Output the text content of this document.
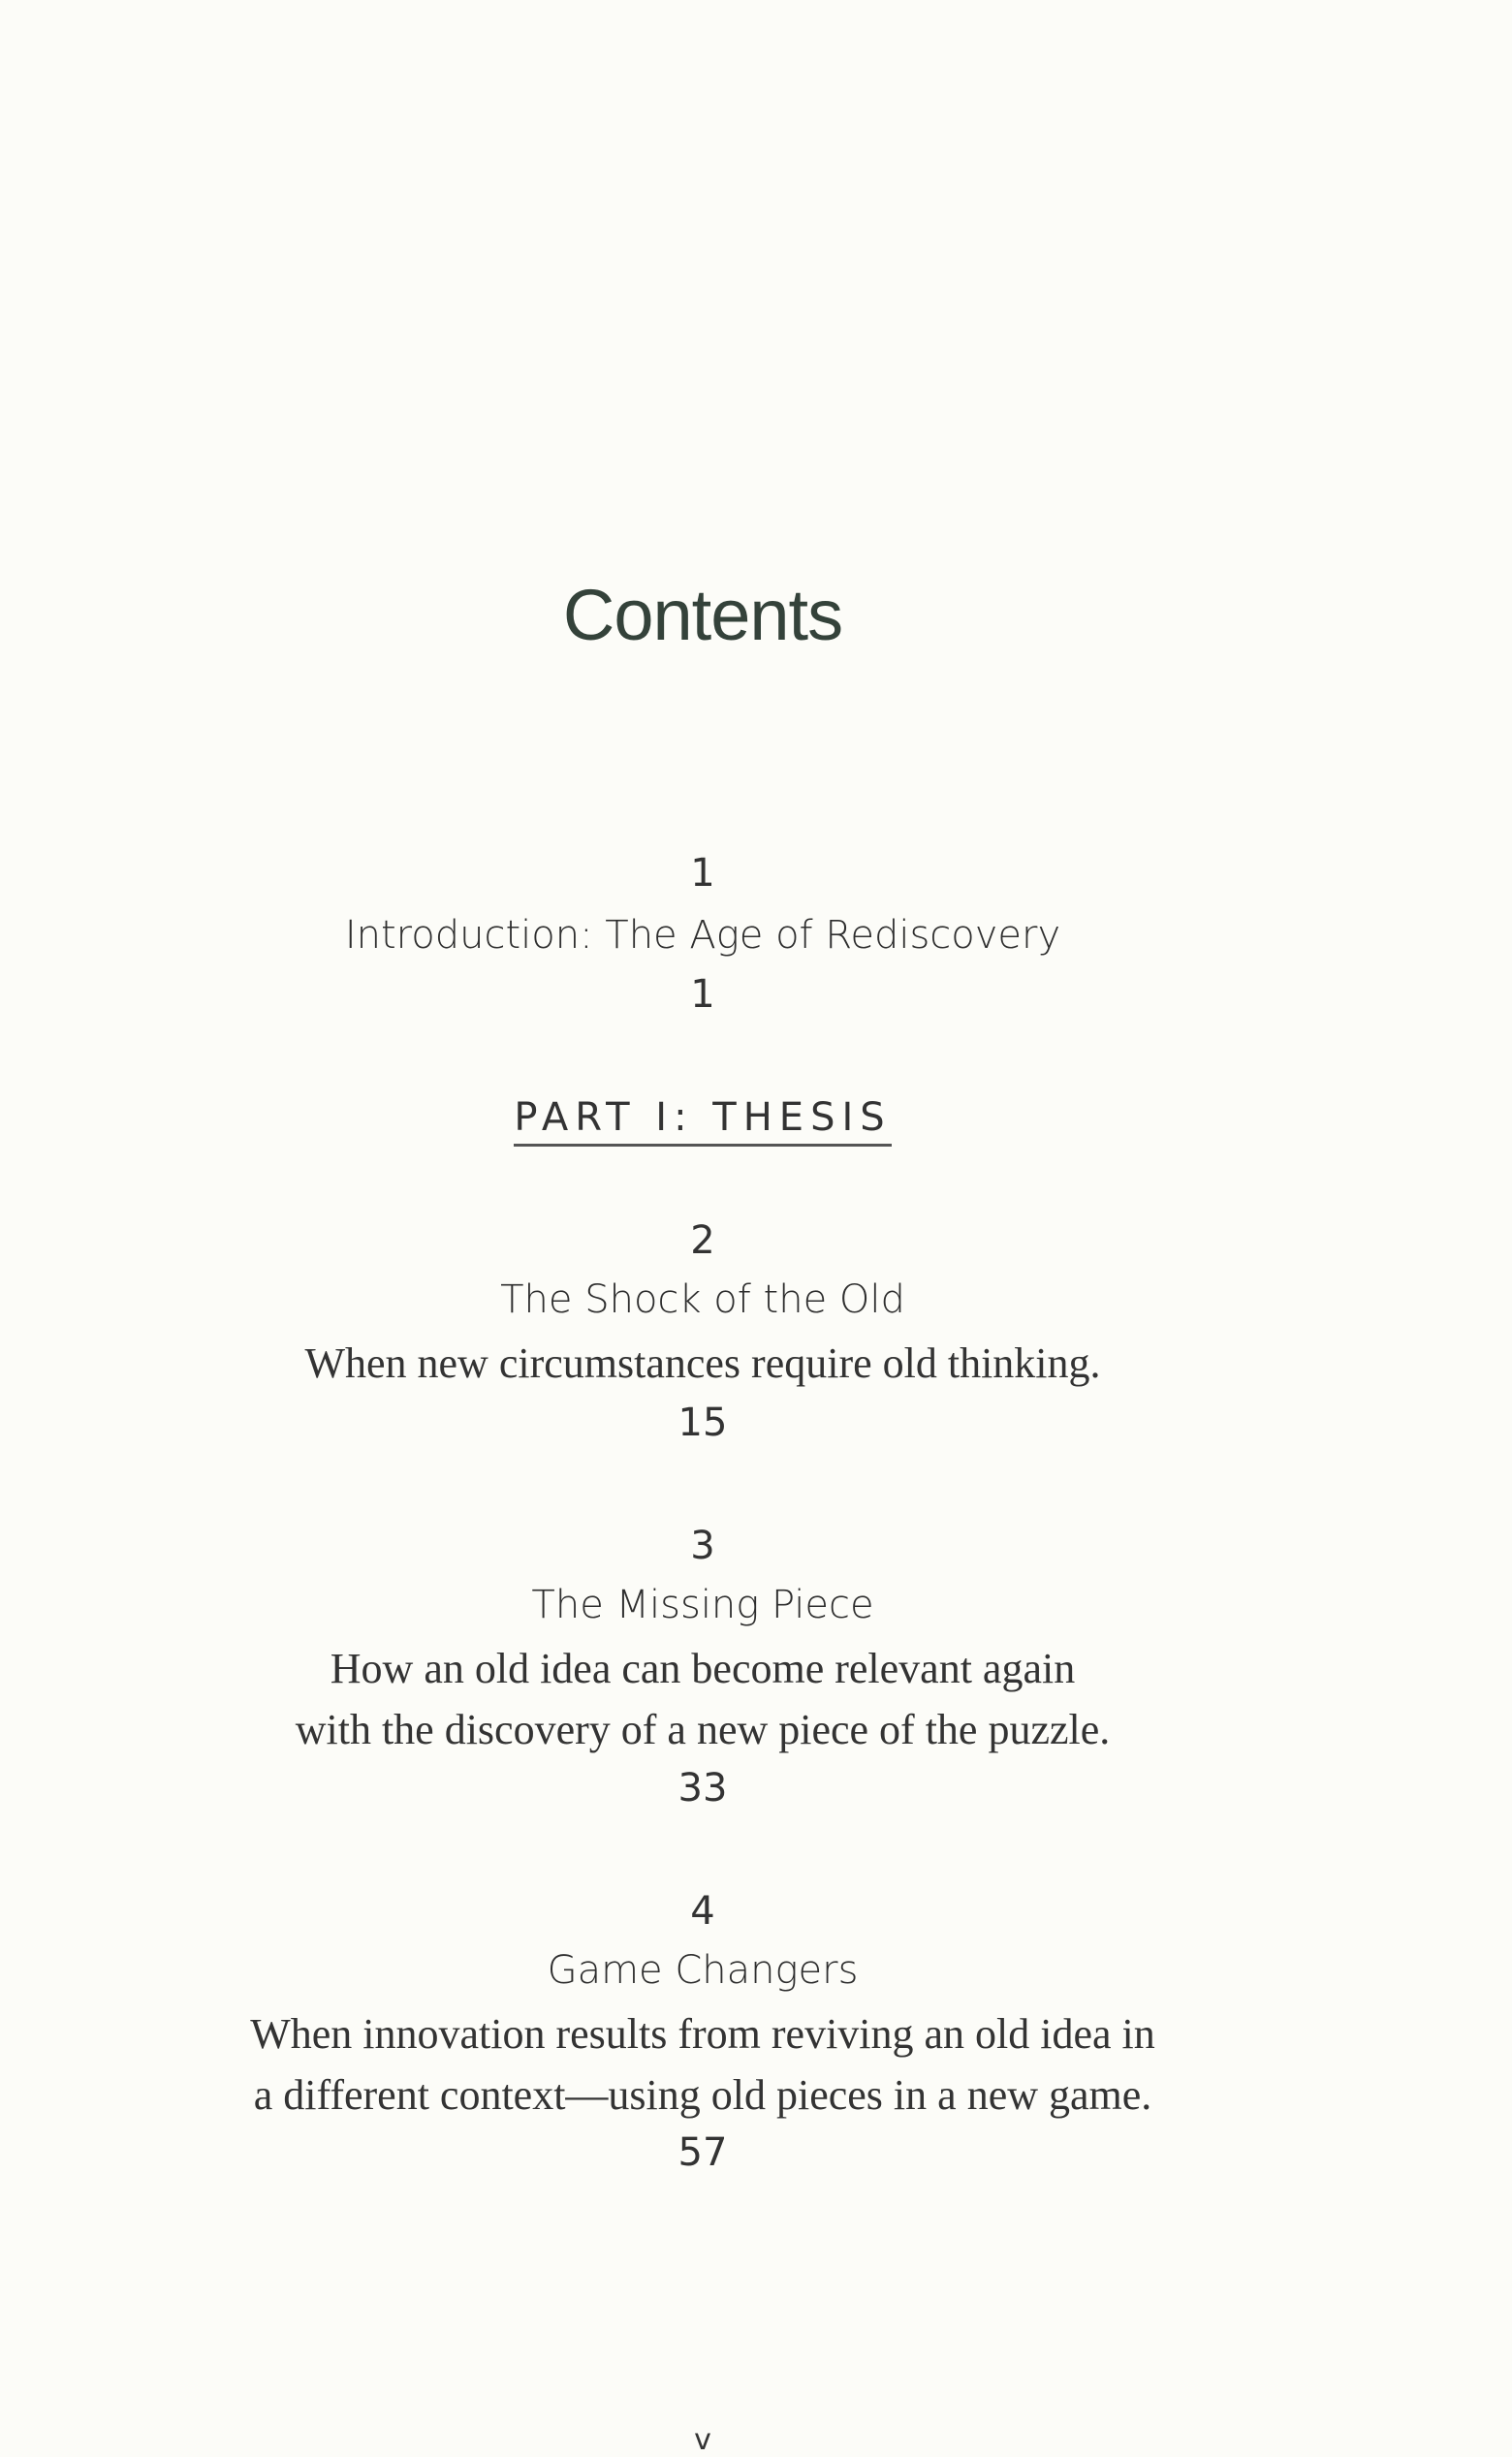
Contents
1
Introduction: The Age of Rediscovery
1
PART I: THESIS
2
The Shock of the Old
When new circumstances require old thinking.
15
3
The Missing Piece
How an old idea can become relevant again
with the discovery of a new piece of the puzzle.
33
4
Game Changers
When innovation results from reviving an old idea in
a different context—using old pieces in a new game.
57
v
